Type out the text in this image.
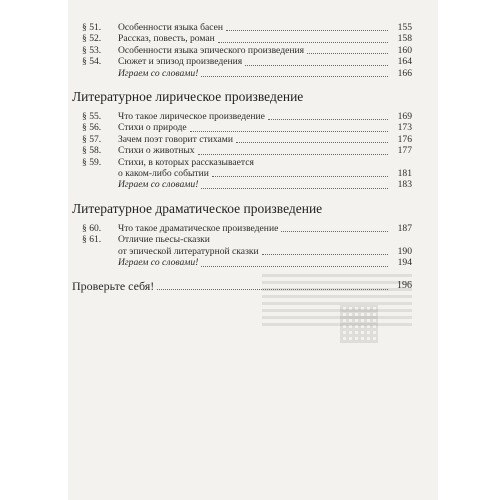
§ 51.	Особенности языка басен	155
§ 52.	Рассказ, повесть, роман	158
§ 53.	Особенности языка эпического произведения	160
§ 54.	Сюжет и эпизод произведения	164
Играем со словами!	166
Литературное лирическое произведение
§ 55.	Что такое лирическое произведение	169
§ 56.	Стихи о природе	173
§ 57.	Зачем поэт говорит стихами	176
§ 58.	Стихи о животных	177
§ 59.	Стихи, в которых рассказывается
о каком-либо событии	181
Играем со словами!	183
Литературное драматическое произведение
§ 60.	Что такое драматическое произведение	187
§ 61.	Отличие пьесы-сказки
от эпической литературной сказки	190
Играем со словами!	194
Проверьте себя!	196
